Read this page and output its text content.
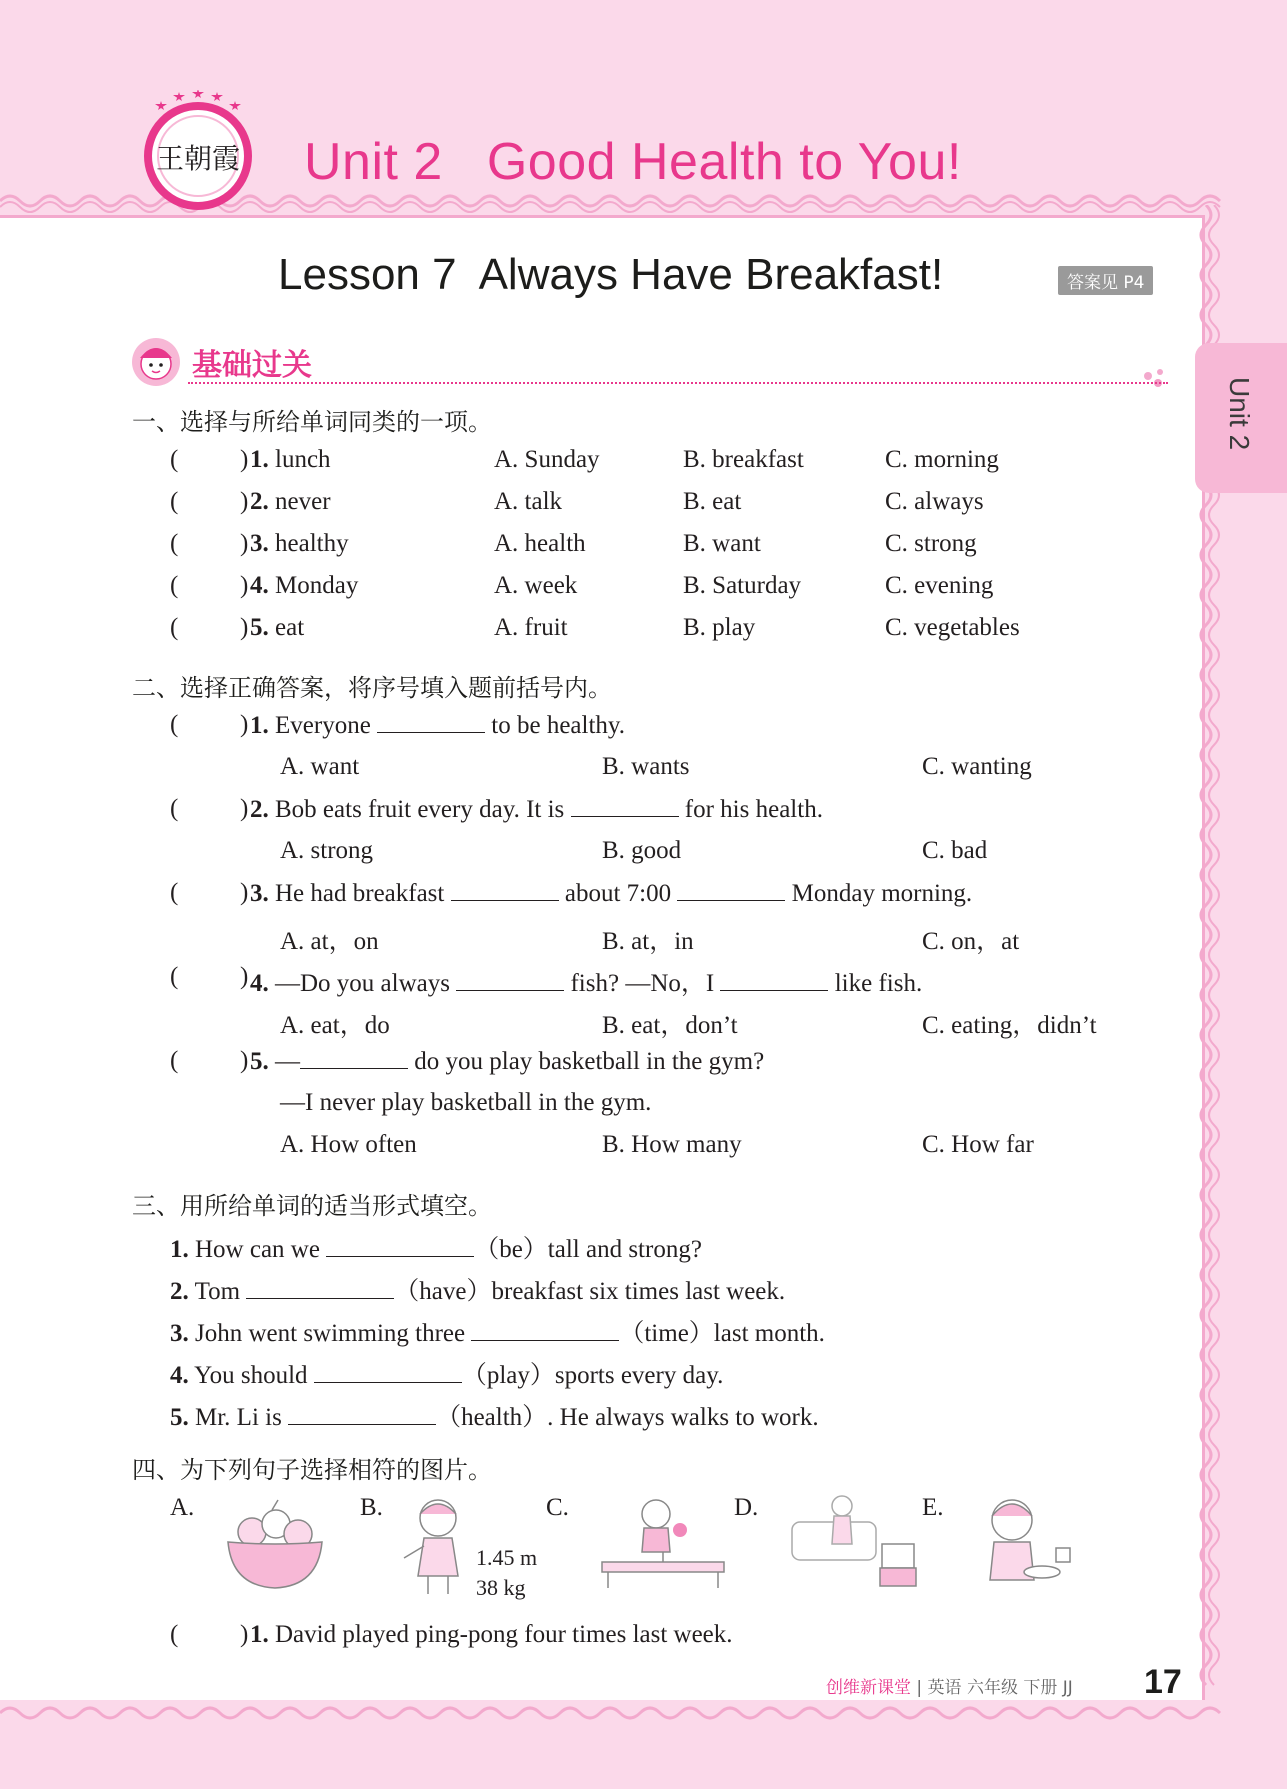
王朝霞 Unit 2 Good Health to You!
Lesson 7 Always Have Breakfast!	答案见 P4
Unit 2
基础过关
一、选择与所给单词同类的一项。
( ) 1. lunch	A. Sunday	B. breakfast	C. morning
( ) 2. never	A. talk	B. eat	C. always
( ) 3. healthy	A. health	B. want	C. strong
( ) 4. Monday	A. week	B. Saturday	C. evening
( ) 5. eat	A. fruit	B. play	C. vegetables
二、选择正确答案，将序号填入题前括号内。
( ) 1. Everyone	to be healthy.
A. want	B. wants	C. wanting
( ) 2. Bob eats fruit every day. It is	for his health.
A. strong	B. good	C. bad
( ) 3. He had breakfast	about 7:00	Monday morning.
A. at，on	B. at，in	C. on，at
( ) 4. —Do you always	fish? —No，I	like fish.
A. eat，do	B. eat，don’t	C. eating，didn’t
( ) 5. —	do you play basketball in the gym?
—I never play basketball in the gym.
A. How often	B. How many	C. How far
三、用所给单词的适当形式填空。
1. How can we	（be）tall and strong?
2. Tom	（have）breakfast six times last week.
3. John went swimming three	（time）last month.
4. You should	（play）sports every day.
5. Mr. Li is	（health）. He always walks to work.
四、为下列句子选择相符的图片。
A.	B.
1.45 m
38 kg
C.	D.	E.
( ) 1. David played ping-pong four times last week.
创维新课堂 | 英语 六年级 下册 JJ 17
